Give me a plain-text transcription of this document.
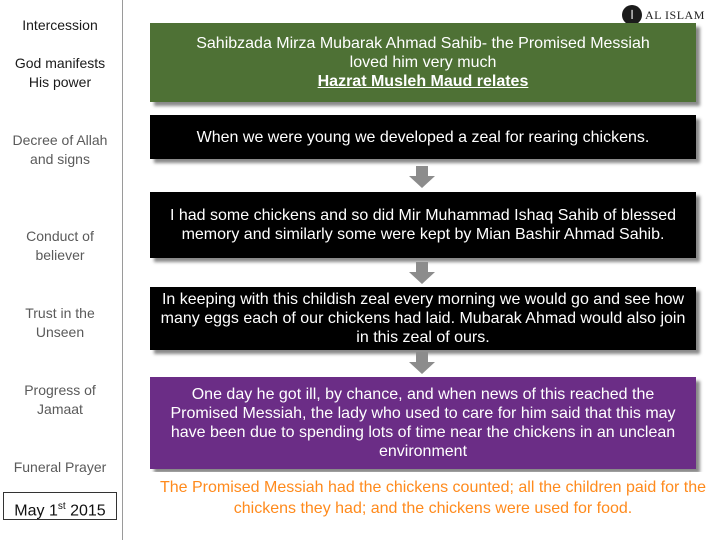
Intercession
God manifests His power
Decree of Allah and signs
Conduct of believer
Trust in the Unseen
Progress of Jamaat
Funeral Prayer
May 1st 2015
ا AL ISLAM
Sahibzada Mirza Mubarak Ahmad Sahib- the Promised Messiah loved him very much
Hazrat Musleh Maud relates
When we were young we developed a zeal for rearing chickens.
I had some chickens and so did Mir Muhammad Ishaq Sahib of blessed memory and similarly some were kept by Mian Bashir Ahmad Sahib.
In keeping with this childish zeal every morning we would go and see how many eggs each of our chickens had laid. Mubarak Ahmad would also join in this zeal of ours.
One day he got ill, by chance, and when news of this reached the Promised Messiah, the lady who used to care for him said that this may have been due to spending lots of time near the chickens in an unclean environment
The Promised Messiah had the chickens counted; all the children paid for the chickens they had; and the chickens were used for food.
